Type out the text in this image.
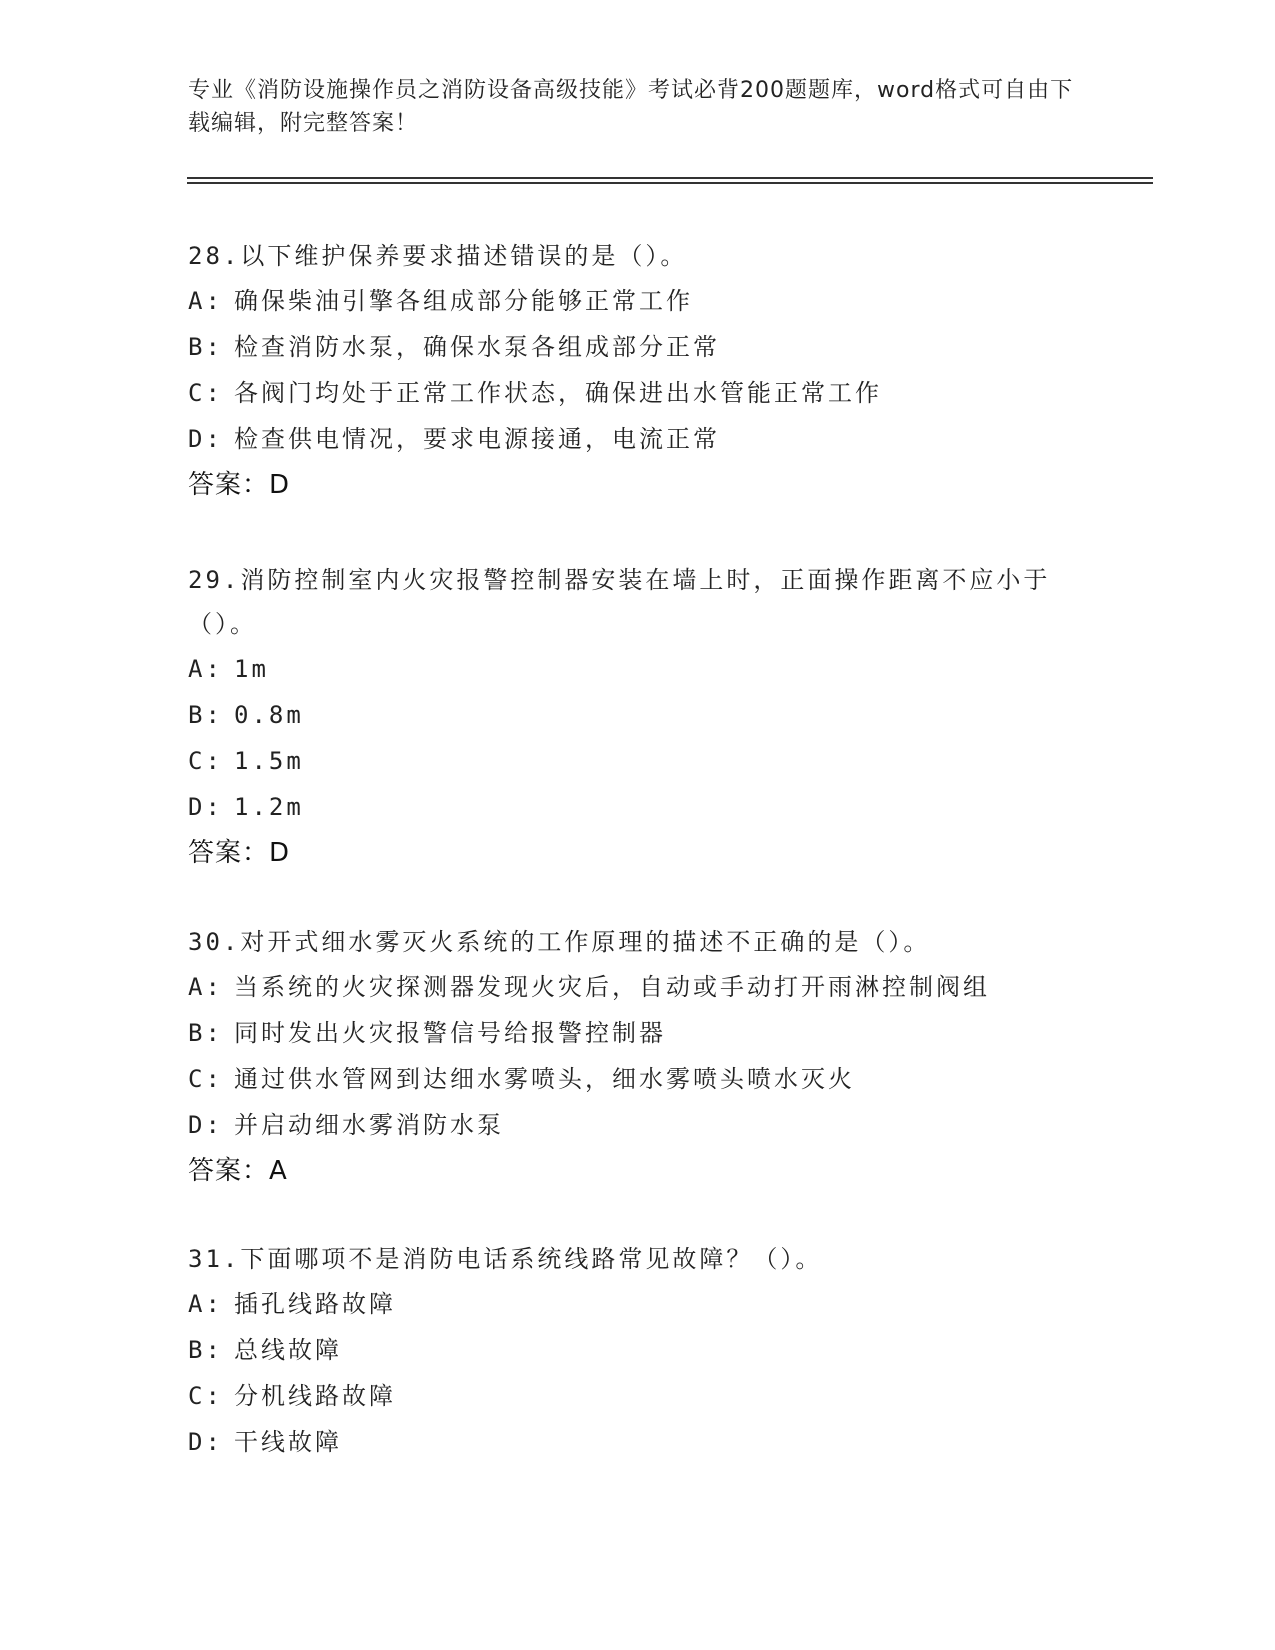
专业《消防设施操作员之消防设备高级技能》考试必背200题题库，word格式可自由下载编辑，附完整答案！

28.以下维护保养要求描述错误的是（）。

A: 确保柴油引擎各组成部分能够正常工作

B: 检查消防水泵，确保水泵各组成部分正常

C: 各阀门均处于正常工作状态，确保进出水管能正常工作

D: 检查供电情况，要求电源接通，电流正常

答案：D

29.消防控制室内火灾报警控制器安装在墙上时，正面操作距离不应小于（）。

A: 1m

B: 0.8m

C: 1.5m

D: 1.2m

答案：D

30.对开式细水雾灭火系统的工作原理的描述不正确的是（）。

A: 当系统的火灾探测器发现火灾后，自动或手动打开雨淋控制阀组

B: 同时发出火灾报警信号给报警控制器

C: 通过供水管网到达细水雾喷头，细水雾喷头喷水灭火

D: 并启动细水雾消防水泵

答案：A

31.下面哪项不是消防电话系统线路常见故障？（）。

A: 插孔线路故障

B: 总线故障

C: 分机线路故障

D: 干线故障
